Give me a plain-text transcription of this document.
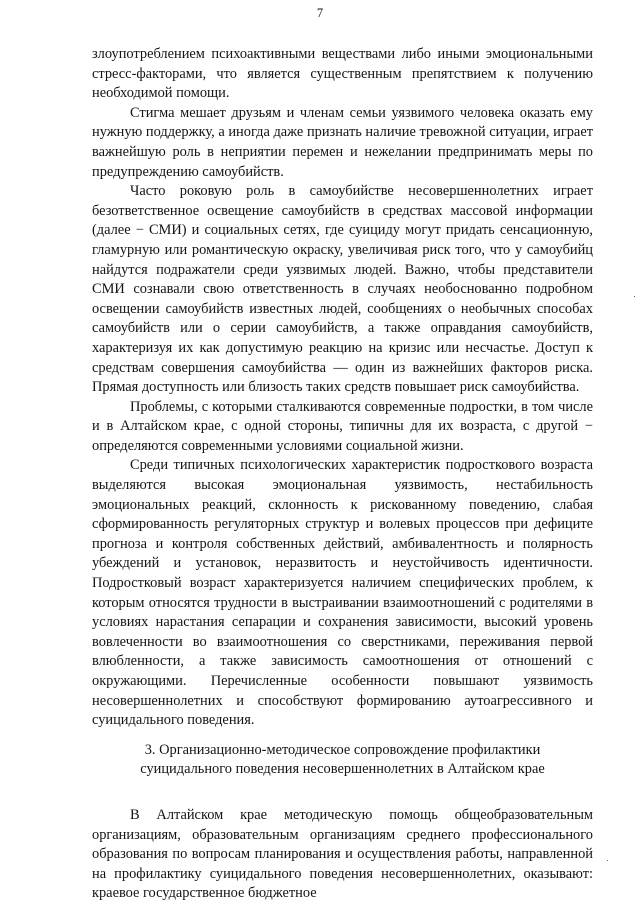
7

злоупотреблением психоактивными веществами либо иными эмоциональными стресс-факторами, что является существенным препятствием к получению необходимой помощи.

Стигма мешает друзьям и членам семьи уязвимого человека оказать ему нужную поддержку, а иногда даже признать наличие тревожной ситуации, играет важнейшую роль в неприятии перемен и нежелании предпринимать меры по предупреждению самоубийств.

Часто роковую роль в самоубийстве несовершеннолетних играет безответственное освещение самоубийств в средствах массовой информации (далее − СМИ) и социальных сетях, где суициду могут придать сенсационную, гламурную или романтическую окраску, увеличивая риск того, что у самоубийц найдутся подражатели среди уязвимых людей. Важно, чтобы представители СМИ сознавали свою ответственность в случаях необоснованно подробном освещении самоубийств известных людей, сообщениях о необычных способах самоубийств или о серии самоубийств, а также оправдания самоубийств, характеризуя их как допустимую реакцию на кризис или несчастье. Доступ к средствам совершения самоубийства — один из важнейших факторов риска. Прямая доступность или близость таких средств повышает риск самоубийства.

Проблемы, с которыми сталкиваются современные подростки, в том числе и в Алтайском крае, с одной стороны, типичны для их возраста, с другой − определяются современными условиями социальной жизни.

Среди типичных психологических характеристик подросткового возраста выделяются высокая эмоциональная уязвимость, нестабильность эмоциональных реакций, склонность к рискованному поведению, слабая сформированность регуляторных структур и волевых процессов при дефиците прогноза и контроля собственных действий, амбивалентность и полярность убеждений и установок, неразвитость и неустойчивость идентичности. Подростковый возраст характеризуется наличием специфических проблем, к которым относятся трудности в выстраивании взаимоотношений с родителями в условиях нарастания сепарации и сохранения зависимости, высокий уровень вовлеченности во взаимоотношения со сверстниками, переживания первой влюбленности, а также зависимость самоотношения от отношений с окружающими. Перечисленные особенности повышают уязвимость несовершеннолетних и способствуют формированию аутоагрессивного и суицидального поведения.

3. Организационно-методическое сопровождение профилактики
суицидального поведения несовершеннолетних в Алтайском крае

В Алтайском крае методическую помощь общеобразовательным организациям, образовательным организациям среднего профессионального образования по вопросам планирования и осуществления работы, направленной на профилактику суицидального поведения несовершеннолетних, оказывают: краевое государственное бюджетное
